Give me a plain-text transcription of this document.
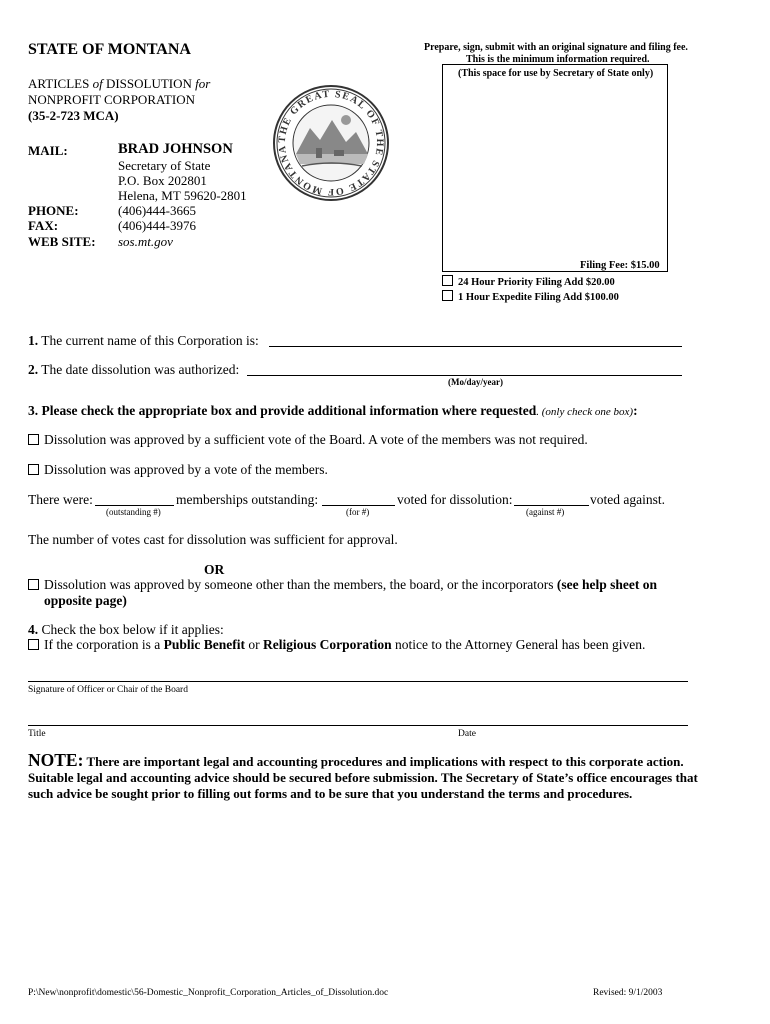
STATE OF MONTANA
ARTICLES of DISSOLUTION for
NONPROFIT CORPORATION
(35-2-723 MCA)
MAIL:	BRAD JOHNSON
Secretary of State
P.O. Box 202801
Helena, MT 59620-2801
PHONE:	(406)444-3665
FAX:	(406)444-3976
WEB SITE: sos.mt.gov
THE GREAT SEAL OF THE STATE OF MONTANA
Prepare, sign, submit with an original signature and filing fee.
This is the minimum information required.
(This space for use by Secretary of State only)
Filing Fee: $15.00
24 Hour Priority Filing Add $20.00
1 Hour Expedite Filing Add $100.00
1. The current name of this Corporation is:
2. The date dissolution was authorized:
(Mo/day/year)
3. Please check the appropriate box and provide additional information where requested. (only check one box):
Dissolution was approved by a sufficient vote of the Board. A vote of the members was not required.
Dissolution was approved by a vote of the members.
There were:	memberships outstanding:	voted for dissolution:	voted against.
(outstanding #)	(for #)	(against #)
The number of votes cast for dissolution was sufficient for approval.
OR
Dissolution was approved by someone other than the members, the board, or the incorporators (see help sheet on
opposite page)
4. Check the box below if it applies:
If the corporation is a Public Benefit or Religious Corporation notice to the Attorney General has been given.
Signature of Officer or Chair of the Board
Title	Date
NOTE: There are important legal and accounting procedures and implications with respect to this corporate action. Suitable legal and accounting advice should be secured before submission. The Secretary of State’s office encourages that such advice be sought prior to filling out forms and to be sure that you understand the terms and procedures.
P:\New\nonprofit\domestic\56-Domestic_Nonprofit_Corporation_Articles_of_Dissolution.doc	Revised: 9/1/2003
